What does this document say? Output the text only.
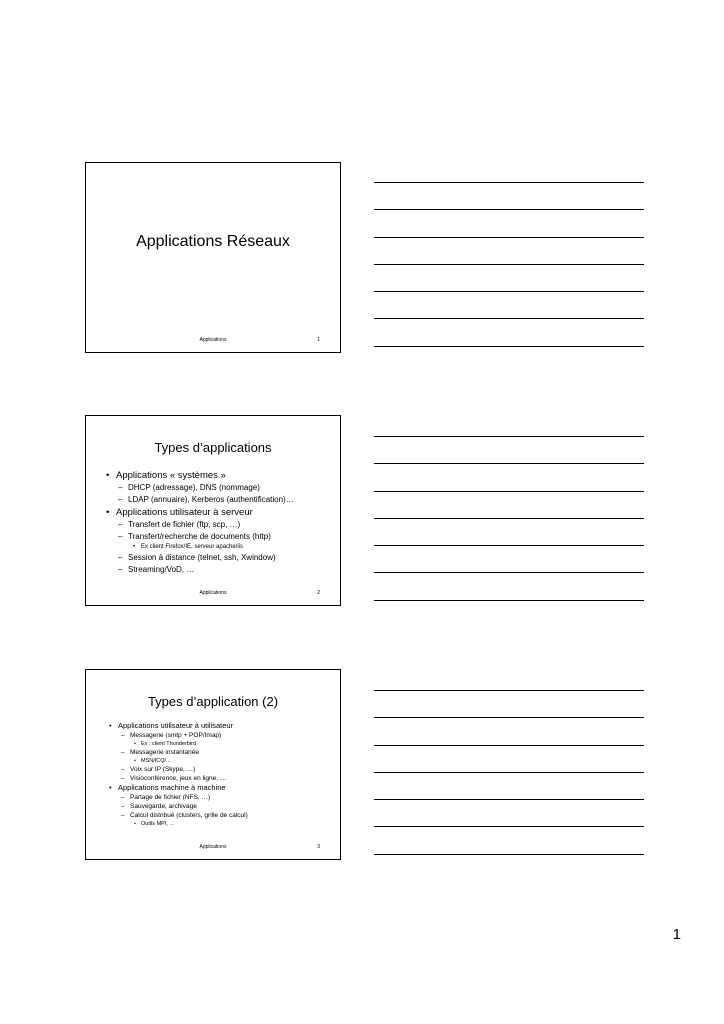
Applications Réseaux
Applications	1
Types d’applications
• Applications « systèmes »
– DHCP (adressage), DNS (nommage)
– LDAP (annuaire), Kerberos (authentification)…
• Applications utilisateur à serveur
– Transfert de fichier (ftp, scp, …)
– Transfert/recherche de documents (http)
• Ex client Firefox/IE, serveur apache/iis
– Session à distance (telnet, ssh, Xwindow)
– Streaming/VoD, …
Applications	2
Types d’application (2)
• Applications utilisateur à utilisateur
– Messagerie (smtp + POP/Imap)
• Ex : client Thunderbird
– Messagerie instantanée
• MSN/ICQ/...
– Voix sur IP (Skype, …)
– Visioconférence, jeux en ligne, …
• Applications machine à machine
– Partage de fichier (NFS, …)
– Sauvegarde, archivage
– Calcul distribué (clusters, grille de calcul)
• Outils MPI, …
Applications	3
1
